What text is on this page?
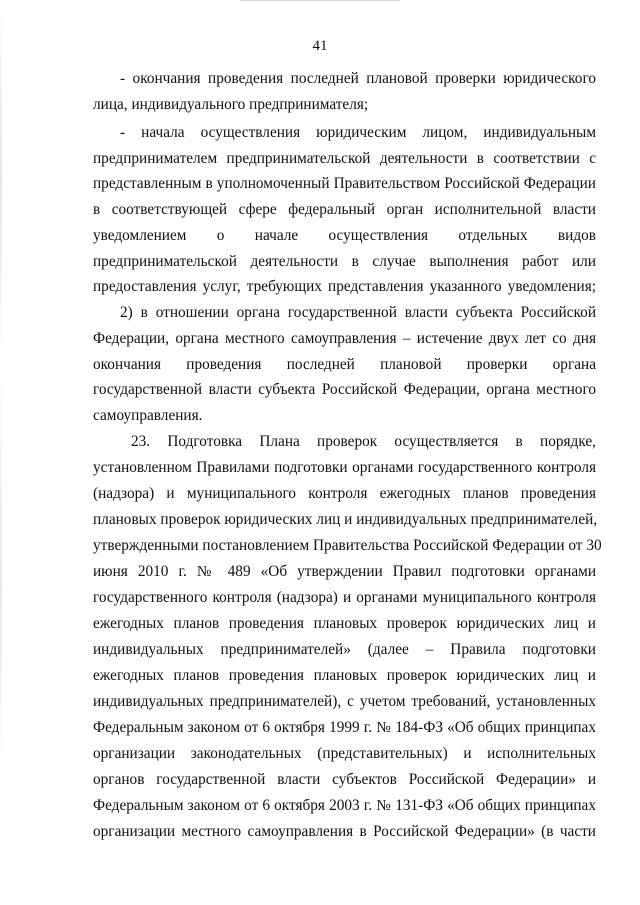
41
- окончания проведения последней плановой проверки юридического
лица, индивидуального предпринимателя;
- начала осуществления юридическим лицом, индивидуальным
предпринимателем предпринимательской деятельности в соответствии с
представленным в уполномоченный Правительством Российской Федерации
в соответствующей сфере федеральный орган исполнительной власти
уведомлением о начале осуществления отдельных видов
предпринимательской деятельности в случае выполнения работ или
предоставления услуг, требующих представления указанного уведомления;
2) в отношении органа государственной власти субъекта Российской
Федерации, органа местного самоуправления – истечение двух лет со дня
окончания проведения последней плановой проверки органа
государственной власти субъекта Российской Федерации, органа местного
самоуправления.
23. Подготовка Плана проверок осуществляется в порядке,
установленном Правилами подготовки органами государственного контроля
(надзора) и муниципального контроля ежегодных планов проведения
плановых проверок юридических лиц и индивидуальных предпринимателей,
утвержденными постановлением Правительства Российской Федерации от 30
июня 2010 г. № 489 «Об утверждении Правил подготовки органами
государственного контроля (надзора) и органами муниципального контроля
ежегодных планов проведения плановых проверок юридических лиц и
индивидуальных предпринимателей» (далее – Правила подготовки
ежегодных планов проведения плановых проверок юридических лиц и
индивидуальных предпринимателей), с учетом требований, установленных
Федеральным законом от 6 октября 1999 г. № 184-ФЗ «Об общих принципах
организации законодательных (представительных) и исполнительных
органов государственной власти субъектов Российской Федерации» и
Федеральным законом от 6 октября 2003 г. № 131-ФЗ «Об общих принципах
организации местного самоуправления в Российской Федерации» (в части
